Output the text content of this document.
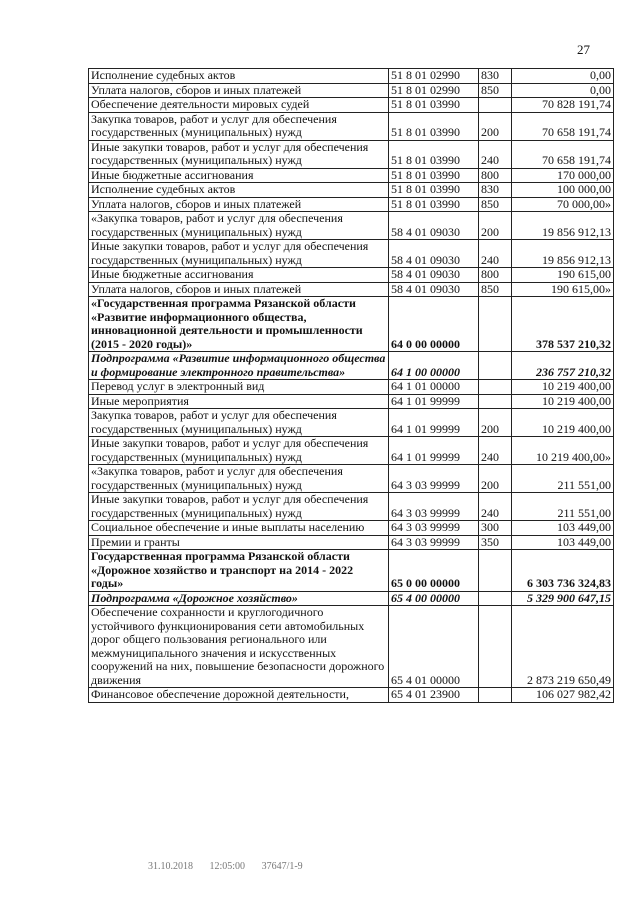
27
Исполнение судебных актов	51 8 01 02990	830	0,00
Уплата налогов, сборов и иных платежей	51 8 01 02990	850	0,00
Обеспечение деятельности мировых судей	51 8 01 03990		70 828 191,74
Закупка товаров, работ и услуг для обеспечения государственных (муниципальных) нужд	51 8 01 03990	200	70 658 191,74
Иные закупки товаров, работ и услуг для обеспечения государственных (муниципальных) нужд	51 8 01 03990	240	70 658 191,74
Иные бюджетные ассигнования	51 8 01 03990	800	170 000,00
Исполнение судебных актов	51 8 01 03990	830	100 000,00
Уплата налогов, сборов и иных платежей	51 8 01 03990	850	70 000,00»
«Закупка товаров, работ и услуг для обеспечения государственных (муниципальных) нужд	58 4 01 09030	200	19 856 912,13
Иные закупки товаров, работ и услуг для обеспечения государственных (муниципальных) нужд	58 4 01 09030	240	19 856 912,13
Иные бюджетные ассигнования	58 4 01 09030	800	190 615,00
Уплата налогов, сборов и иных платежей	58 4 01 09030	850	190 615,00»
«Государственная программа Рязанской области «Развитие информационного общества, инновационной деятельности и промышленности (2015 - 2020 годы)»	64 0 00 00000		378 537 210,32
Подпрограмма «Развитие информационного общества и формирование электронного правительства»	64 1 00 00000		236 757 210,32
Перевод услуг в электронный вид	64 1 01 00000		10 219 400,00
Иные мероприятия	64 1 01 99999		10 219 400,00
Закупка товаров, работ и услуг для обеспечения государственных (муниципальных) нужд	64 1 01 99999	200	10 219 400,00
Иные закупки товаров, работ и услуг для обеспечения государственных (муниципальных) нужд	64 1 01 99999	240	10 219 400,00»
«Закупка товаров, работ и услуг для обеспечения государственных (муниципальных) нужд	64 3 03 99999	200	211 551,00
Иные закупки товаров, работ и услуг для обеспечения государственных (муниципальных) нужд	64 3 03 99999	240	211 551,00
Социальное обеспечение и иные выплаты населению	64 3 03 99999	300	103 449,00
Премии и гранты	64 3 03 99999	350	103 449,00
Государственная программа Рязанской области «Дорожное хозяйство и транспорт на 2014 - 2022 годы»	65 0 00 00000		6 303 736 324,83
Подпрограмма «Дорожное хозяйство»	65 4 00 00000		5 329 900 647,15
Обеспечение сохранности и круглогодичного устойчивого функционирования сети автомобильных дорог общего пользования регионального или межмуниципального значения и искусственных сооружений на них, повышение безопасности дорожного движения	65 4 01 00000		2 873 219 650,49
Финансовое обеспечение дорожной деятельности,	65 4 01 23900		106 027 982,42
31.10.2018 12:05:00 37647/1-9
